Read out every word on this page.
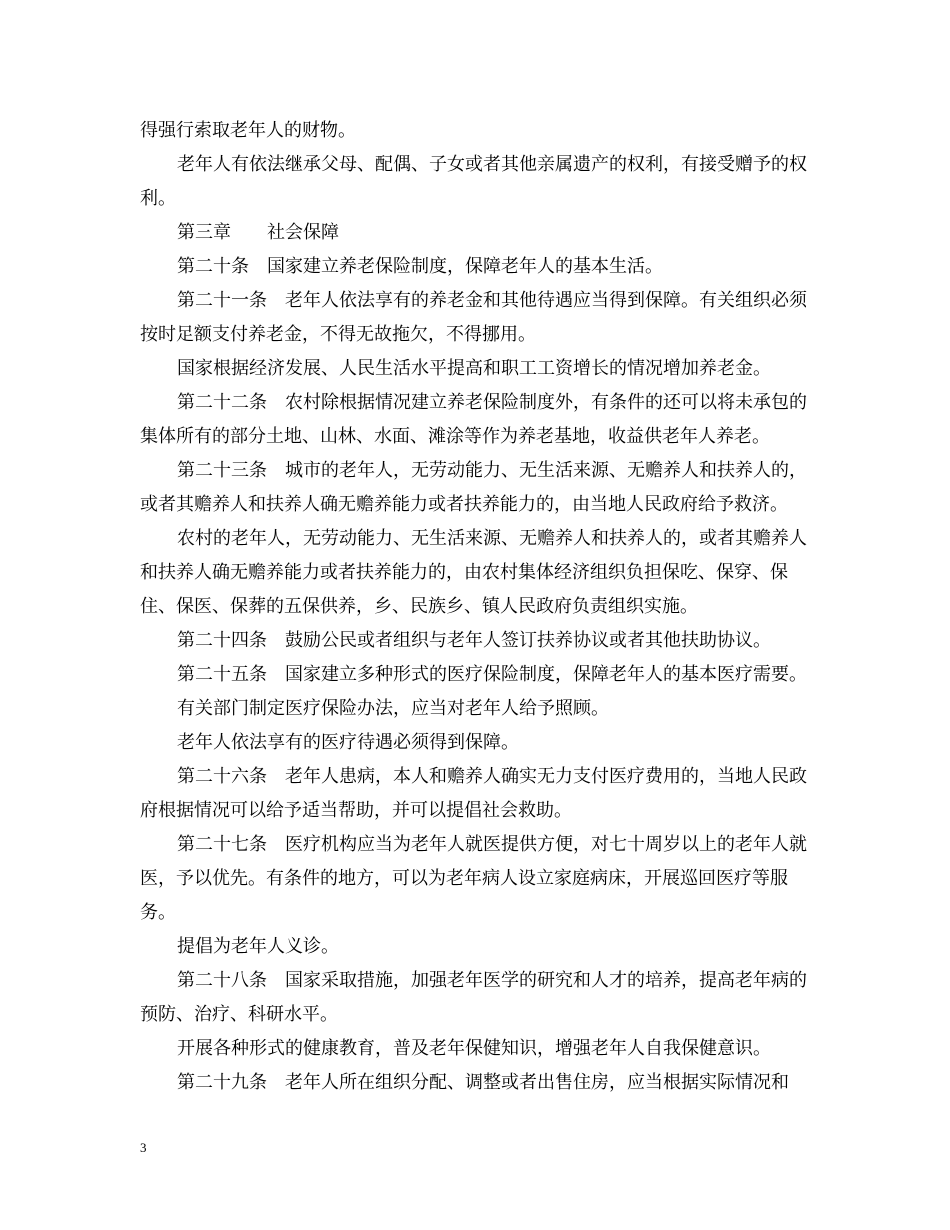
得强行索取老年人的财物。

老年人有依法继承父母、配偶、子女或者其他亲属遗产的权利，有接受赠予的权利。

第三章 社会保障

第二十条　 国家建立养老保险制度，保障老年人的基本生活。

第二十一条　 老年人依法享有的养老金和其他待遇应当得到保障。有关组织必须按时足额支付养老金，不得无故拖欠，不得挪用。

国家根据经济发展、人民生活水平提高和职工工资增长的情况增加养老金。

第二十二条　 农村除根据情况建立养老保险制度外，有条件的还可以将未承包的集体所有的部分土地、山林、水面、滩涂等作为养老基地，收益供老年人养老。

第二十三条　 城市的老年人，无劳动能力、无生活来源、无赡养人和扶养人的，或者其赡养人和扶养人确无赡养能力或者扶养能力的，由当地人民政府给予救济。

农村的老年人，无劳动能力、无生活来源、无赡养人和扶养人的，或者其赡养人和扶养人确无赡养能力或者扶养能力的，由农村集体经济组织负担保吃、保穿、保住、保医、保葬的五保供养，乡、民族乡、镇人民政府负责组织实施。

第二十四条　 鼓励公民或者组织与老年人签订扶养协议或者其他扶助协议。

第二十五条　 国家建立多种形式的医疗保险制度，保障老年人的基本医疗需要。

有关部门制定医疗保险办法，应当对老年人给予照顾。

老年人依法享有的医疗待遇必须得到保障。

第二十六条　 老年人患病，本人和赡养人确实无力支付医疗费用的，当地人民政府根据情况可以给予适当帮助，并可以提倡社会救助。

第二十七条　 医疗机构应当为老年人就医提供方便，对七十周岁以上的老年人就医，予以优先。有条件的地方，可以为老年病人设立家庭病床，开展巡回医疗等服务。

提倡为老年人义诊。

第二十八条　 国家采取措施，加强老年医学的研究和人才的培养，提高老年病的预防、治疗、科研水平。

开展各种形式的健康教育，普及老年保健知识，增强老年人自我保健意识。

第二十九条　 老年人所在组织分配、调整或者出售住房，应当根据实际情况和

3
